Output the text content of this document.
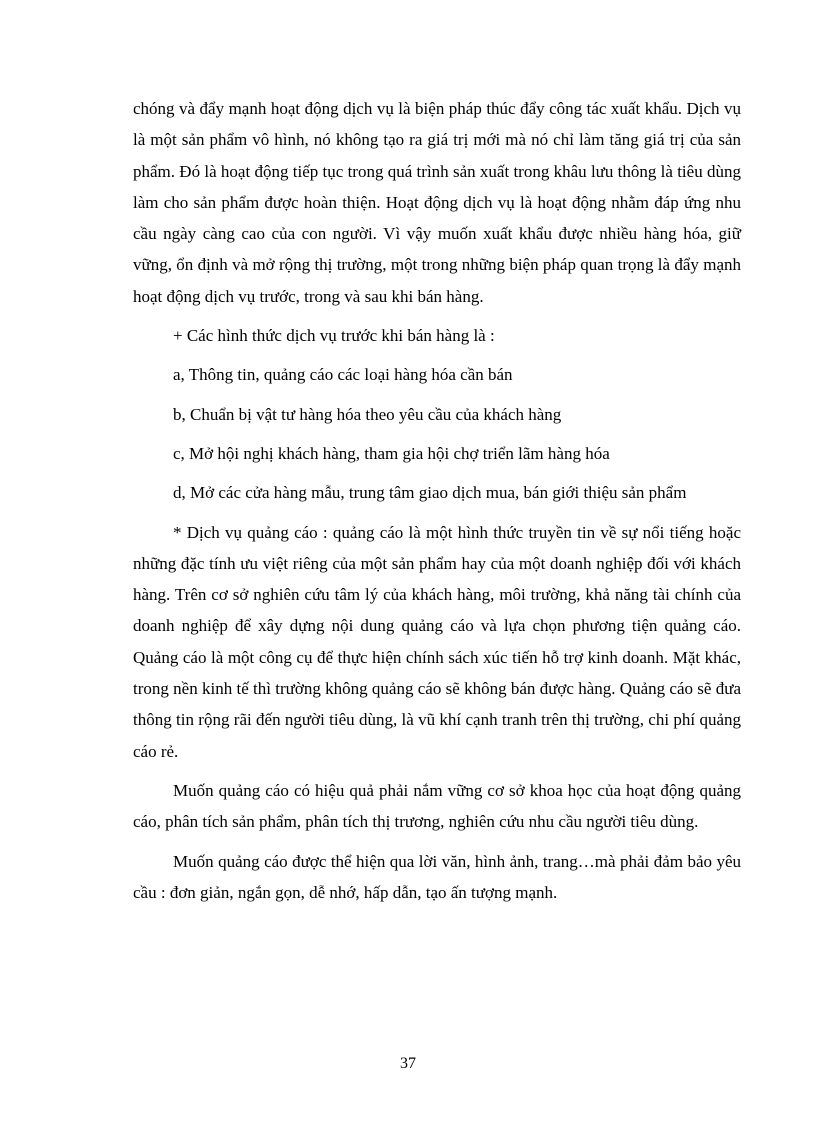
chóng và đẩy mạnh hoạt động dịch vụ là biện pháp thúc đẩy công tác xuất khẩu. Dịch vụ là một sản phẩm vô hình, nó không tạo ra giá trị mới mà nó chỉ làm tăng giá trị của sản phẩm. Đó là hoạt động tiếp tục trong quá trình sản xuất trong khâu lưu thông là tiêu dùng làm cho sản phẩm được hoàn thiện. Hoạt động dịch vụ là hoạt động nhằm đáp ứng nhu cầu ngày càng cao của con người. Vì vậy muốn xuất khẩu được nhiều hàng hóa, giữ vững, ổn định và mở rộng thị trường, một trong những biện pháp quan trọng là đẩy mạnh hoạt động dịch vụ trước, trong và sau khi bán hàng.

+ Các hình thức dịch vụ trước khi bán hàng là :

a, Thông tin, quảng cáo các loại hàng hóa cần bán

b, Chuẩn bị vật tư hàng hóa theo yêu cầu của khách hàng

c, Mở hội nghị khách hàng, tham gia hội chợ triển lãm hàng hóa

d, Mở các cửa hàng mẫu, trung tâm giao dịch mua, bán giới thiệu sản phẩm

* Dịch vụ quảng cáo : quảng cáo là một hình thức truyền tin về sự nổi tiếng hoặc những đặc tính ưu việt riêng của một sản phẩm hay của một doanh nghiệp đối với khách hàng. Trên cơ sở nghiên cứu tâm lý của khách hàng, môi trường, khả năng tài chính của doanh nghiệp để xây dựng nội dung quảng cáo và lựa chọn phương tiện quảng cáo. Quảng cáo là một công cụ để thực hiện chính sách xúc tiến hỗ trợ kinh doanh. Mặt khác, trong nền kinh tế thì trường không quảng cáo sẽ không bán được hàng. Quảng cáo sẽ đưa thông tin rộng rãi đến người tiêu dùng, là vũ khí cạnh tranh trên thị trường, chi phí quảng cáo rẻ.

Muốn quảng cáo có hiệu quả phải nắm vững cơ sở khoa học của hoạt động quảng cáo, phân tích sản phẩm, phân tích thị trương, nghiên cứu nhu cầu người tiêu dùng.

Muốn quảng cáo được thể hiện qua lời văn, hình ảnh, trang…mà phải đảm bảo yêu cầu : đơn giản, ngắn gọn, dễ nhớ, hấp dẫn, tạo ấn tượng mạnh.

37
